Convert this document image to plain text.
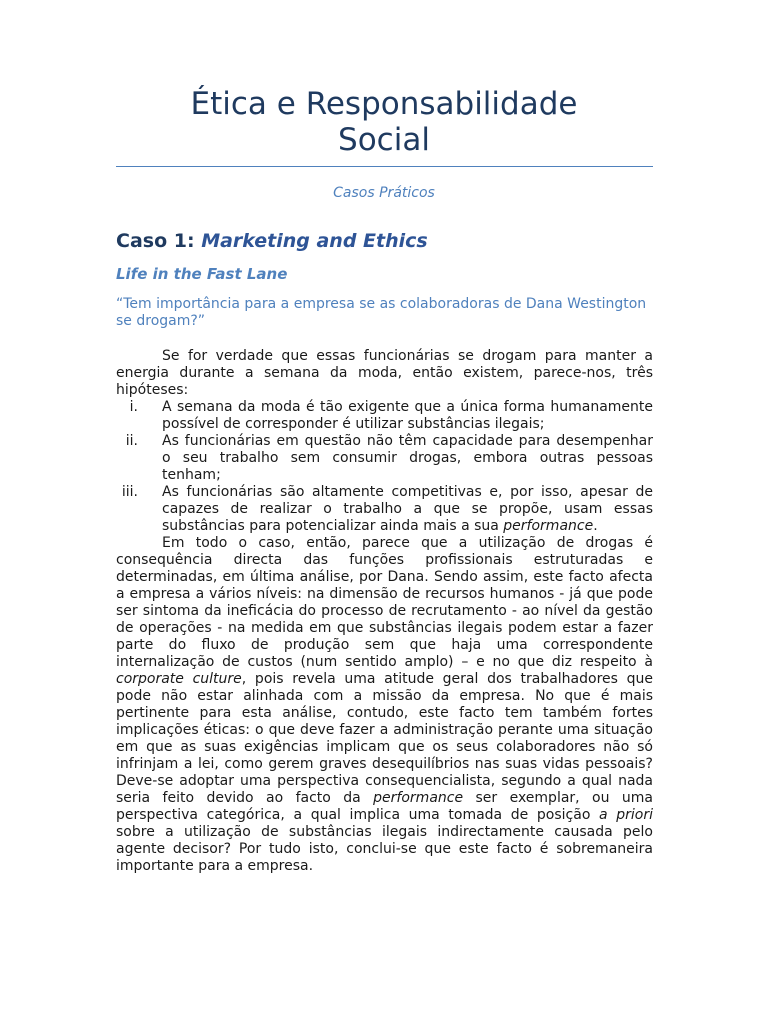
Ética e Responsabilidade
Social
Casos Práticos
Caso 1: Marketing and Ethics
Life in the Fast Lane
“Tem importância para a empresa se as colaboradoras de Dana Westington se drogam?”

Se for verdade que essas funcionárias se drogam para manter a energia durante a semana da moda, então existem, parece-nos, três hipóteses:

i. A semana da moda é tão exigente que a única forma humanamente possível de corresponder é utilizar substâncias ilegais;
ii. As funcionárias em questão não têm capacidade para desempenhar o seu trabalho sem consumir drogas, embora outras pessoas tenham;
iii. As funcionárias são altamente competitivas e, por isso, apesar de capazes de realizar o trabalho a que se propõe, usam essas substâncias para potencializar ainda mais a sua performance.

Em todo o caso, então, parece que a utilização de drogas é consequência directa das funções profissionais estruturadas e determinadas, em última análise, por Dana. Sendo assim, este facto afecta a empresa a vários níveis: na dimensão de recursos humanos - já que pode ser sintoma da ineficácia do processo de recrutamento - ao nível da gestão de operações - na medida em que substâncias ilegais podem estar a fazer parte do fluxo de produção sem que haja uma correspondente internalização de custos (num sentido amplo) – e no que diz respeito à corporate culture, pois revela uma atitude geral dos trabalhadores que pode não estar alinhada com a missão da empresa. No que é mais pertinente para esta análise, contudo, este facto tem também fortes implicações éticas: o que deve fazer a administração perante uma situação em que as suas exigências implicam que os seus colaboradores não só infrinjam a lei, como gerem graves desequilíbrios nas suas vidas pessoais? Deve-se adoptar uma perspectiva consequencialista, segundo a qual nada seria feito devido ao facto da performance ser exemplar, ou uma perspectiva categórica, a qual implica uma tomada de posição a priori sobre a utilização de substâncias ilegais indirectamente causada pelo agente decisor? Por tudo isto, conclui-se que este facto é sobremaneira importante para a empresa.
